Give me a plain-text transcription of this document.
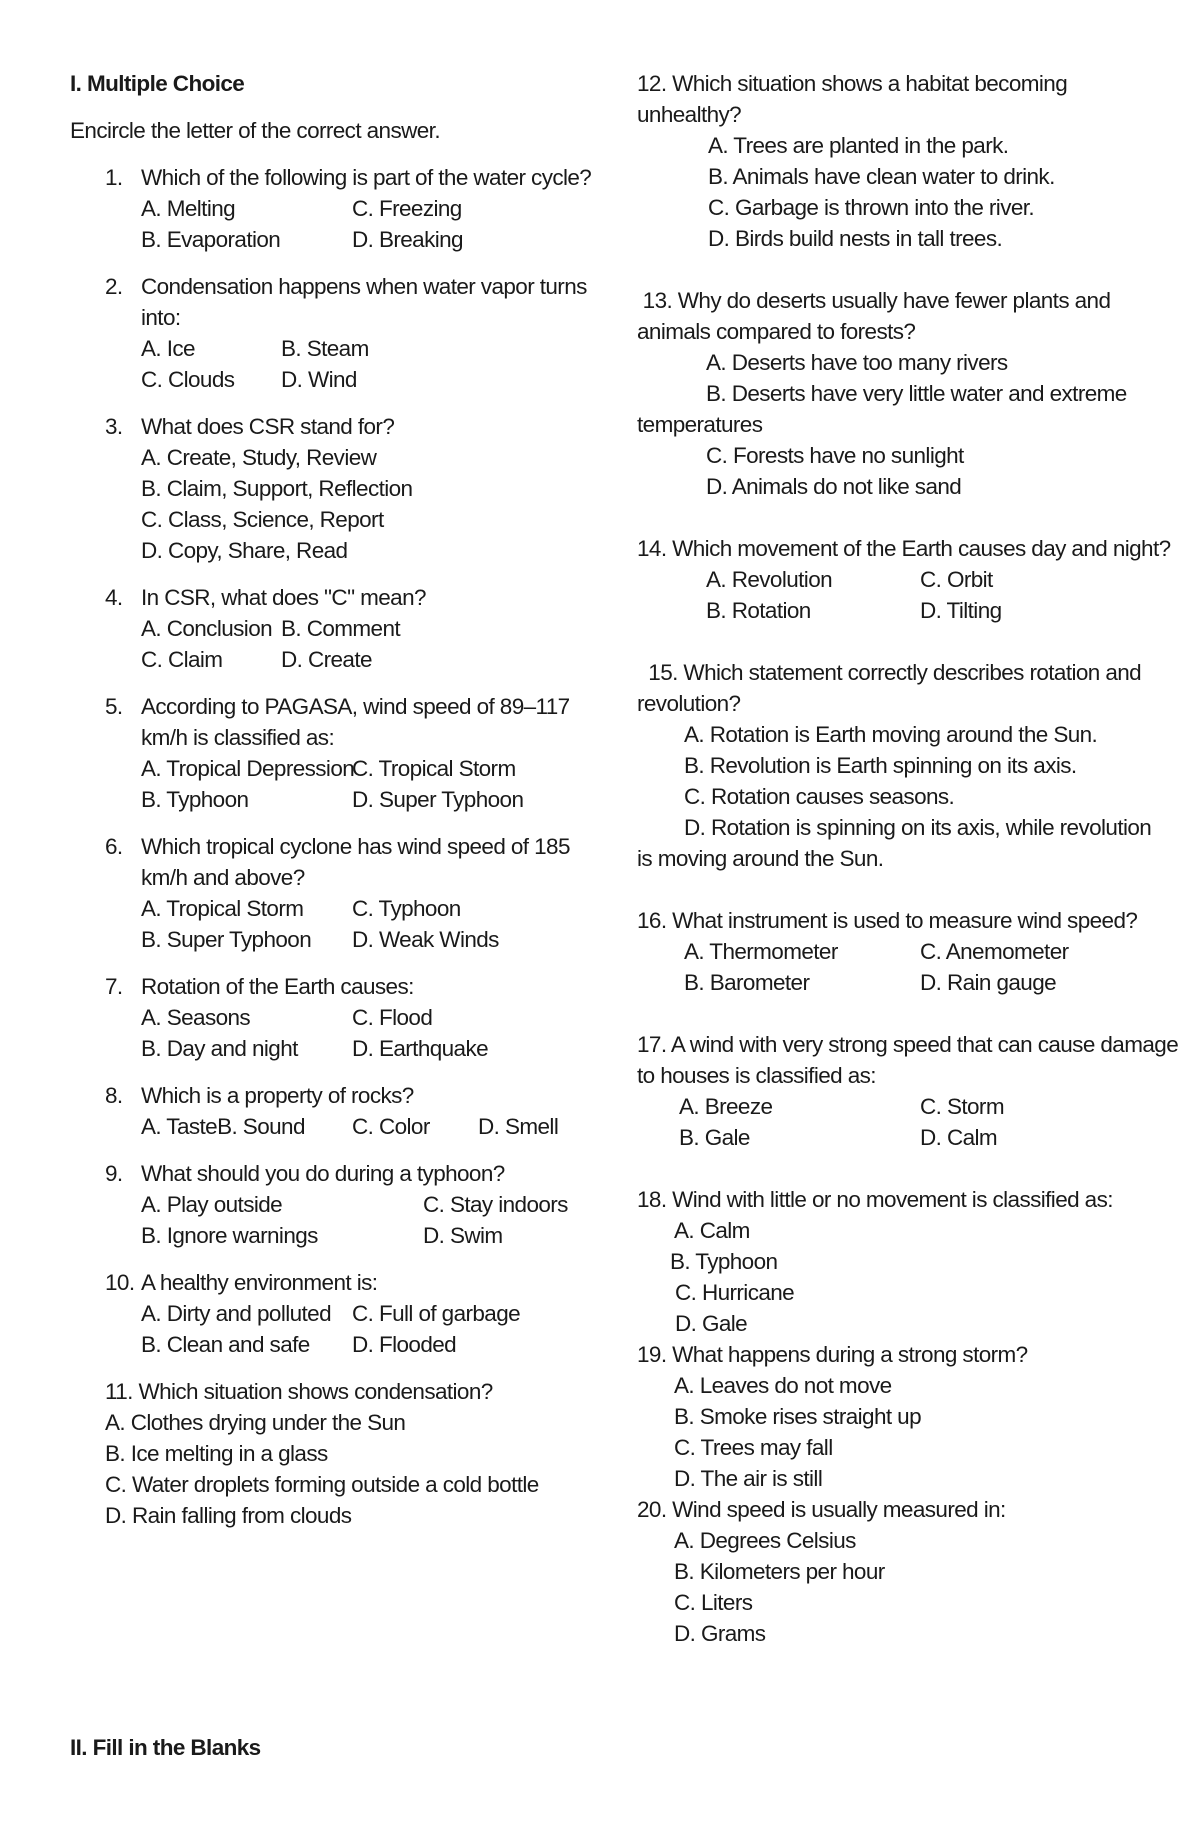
I. Multiple Choice
Encircle the letter of the correct answer.
1. Which of the following is part of the water cycle?
A. Melting	C. Freezing
B. Evaporation	D. Breaking
2. Condensation happens when water vapor turns
into:
A. Ice	B. Steam
C. Clouds D. Wind
3. What does CSR stand for?
A. Create, Study, Review
B. Claim, Support, Reflection
C. Class, Science, Report
D. Copy, Share, Read
4. In CSR, what does "C" mean?
A. Conclusion B. Comment
C. Claim	D. Create
5. According to PAGASA, wind speed of 89–117
km/h is classified as:
A. Tropical Depression
C. Tropical Storm
B. Typhoon	D. Super Typhoon
6. Which tropical cyclone has wind speed of 185
km/h and above?
A. Tropical Storm C. Typhoon
B. Super Typhoon D. Weak Winds
7. Rotation of the Earth causes:
A. Seasons	C. Flood
B. Day and night D. Earthquake
8. Which is a property of rocks?
A. TasteB. Sound C. Color D. Smell
9. What should you do during a typhoon?
A. Play outside	C. Stay indoors
B. Ignore warnings	D. Swim
10. A healthy environment is:
A. Dirty and polluted C. Full of garbage
B. Clean and safe D. Flooded
11. Which situation shows condensation?
A. Clothes drying under the Sun
B. Ice melting in a glass
C. Water droplets forming outside a cold bottle
D. Rain falling from clouds
12. Which situation shows a habitat becoming
unhealthy?
A. Trees are planted in the park.
B. Animals have clean water to drink.
C. Garbage is thrown into the river.
D. Birds build nests in tall trees.
13. Why do deserts usually have fewer plants and
animals compared to forests?
A. Deserts have too many rivers
B. Deserts have very little water and extreme
temperatures
C. Forests have no sunlight
D. Animals do not like sand
14. Which movement of the Earth causes day and night?
A. Revolution	C. Orbit
B. Rotation	D. Tilting
15. Which statement correctly describes rotation and
revolution?
A. Rotation is Earth moving around the Sun.
B. Revolution is Earth spinning on its axis.
C. Rotation causes seasons.
D. Rotation is spinning on its axis, while revolution
is moving around the Sun.
16. What instrument is used to measure wind speed?
A. Thermometer	C. Anemometer
B. Barometer	D. Rain gauge
17. A wind with very strong speed that can cause damage
to houses is classified as:
A. Breeze	C. Storm
B. Gale	D. Calm
18. Wind with little or no movement is classified as:
A. Calm
B. Typhoon
C. Hurricane
D. Gale
19. What happens during a strong storm?
A. Leaves do not move
B. Smoke rises straight up
C. Trees may fall
D. The air is still
20. Wind speed is usually measured in:
A. Degrees Celsius
B. Kilometers per hour
C. Liters
D. Grams
II. Fill in the Blanks
